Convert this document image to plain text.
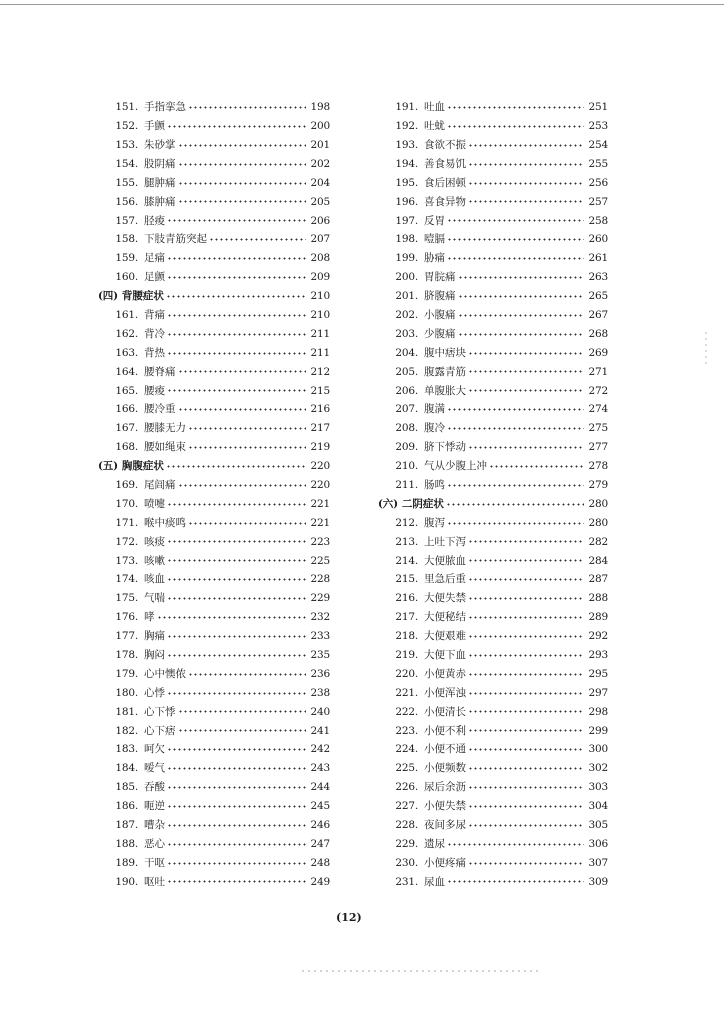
151. 手指挛急	198
152. 手颤	200
153. 朱砂掌	201
154. 股阴痛	202
155. 腿肿痛	204
156. 膝肿痛	205
157. 胫痠	206
158. 下肢青筋突起	207
159. 足痛	208
160. 足颤	209
(四) 背腰症状	210
161. 背痛	210
162. 背冷	211
163. 背热	211
164. 腰脊痛	212
165. 腰痠	215
166. 腰冷重	216
167. 腰膝无力	217
168. 腰如绳束	219
(五) 胸腹症状	220
169. 尾闾痛	220
170. 喷嚏	221
171. 喉中痰鸣	221
172. 咳痰	223
173. 咳嗽	225
174. 咳血	228
175. 气喘	229
176. 哮	232
177. 胸痛	233
178. 胸闷	235
179. 心中懊侬	236
180. 心悸	238
181. 心下悸	240
182. 心下痞	241
183. 呵欠	242
184. 嗳气	243
185. 吞酸	244
186. 呃逆	245
187. 嘈杂	246
188. 恶心	247
189. 干呕	248
190. 呕吐	249
191. 吐血	251
192. 吐蚘	253
193. 食欲不振	254
194. 善食易饥	255
195. 食后困顿	256
196. 喜食异物	257
197. 反胃	258
198. 噎膈	260
199. 胁痛	261
200. 胃脘痛	263
201. 脐腹痛	265
202. 小腹痛	267
203. 少腹痛	268
204. 腹中痞块	269
205. 腹露青筋	271
206. 单腹胀大	272
207. 腹满	274
208. 腹冷	275
209. 脐下悸动	277
210. 气从少腹上冲	278
211. 肠鸣	279
(六) 二阴症状	280
212. 腹泻	280
213. 上吐下泻	282
214. 大便脓血	284
215. 里急后重	287
216. 大便失禁	288
217. 大便秘结	289
218. 大便艰难	292
219. 大便下血	293
220. 小便黄赤	295
221. 小便浑浊	297
222. 小便清长	298
223. 小便不利	299
224. 小便不通	300
225. 小便频数	302
226. 尿后余沥	303
227. 小便失禁	304
228. 夜间多尿	305
229. 遗尿	306
230. 小便疼痛	307
231. 尿血	309
(12)
